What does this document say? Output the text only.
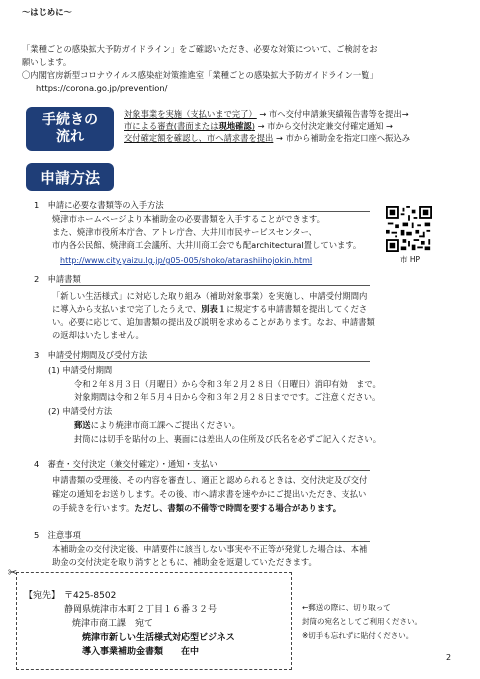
～はじめに～
「業種ごとの感染拡大予防ガイドライン」をご確認いただき、必要な対策について、ご検討をお
願いします。
〇内閣官房新型コロナウイルス感染症対策推進室「業種ごとの感染拡大予防ガイドライン一覧」
https://corona.go.jp/prevention/
手続きの
流れ
対象事業を実施（支払いまで完了） → 市へ交付申請兼実績報告書等を提出→
市による審査(書面または現地確認) → 市から交付決定兼交付確定通知 →
交付確定額を確認し、市へ請求書を提出 → 市から補助金を指定口座へ振込み
申請方法
1　申請に必要な書類等の入手方法
焼津市ホームページより本補助金の必要書類を入手することができます。
また、焼津市役所本庁舎、アトレ庁舎、大井川市民サービスセンター、
市内各公民館、焼津商工会議所、大井川商工会でも配architectural置しています。
http://www.city.yaizu.lg.jp/g05-005/shoko/atarashiihojokin.html	市 HP
2　申請書類
「新しい生活様式」に対応した取り組み（補助対象事業）を実施し、申請受付期間内
に導入から支払いまで完了したうえで、別表１に規定する申請書類を提出してくださ
い。必要に応じて、追加書類の提出及び説明を求めることがあります。なお、申請書類
の返却はいたしません。
3　申請受付期間及び受付方法
(1) 申請受付期間
令和２年８月３日（月曜日）から令和３年２月２８日（日曜日）消印有効　まで。
対象期間は令和２年５月４日から令和３年２月２８日までです。ご注意ください。
(2) 申請受付方法
郵送により焼津市商工課へご提出ください。
封筒には切手を貼付の上、裏面には差出人の住所及び氏名を必ずご記入ください。
4　審査・交付決定（兼交付確定）・通知・支払い
申請書類の受理後、その内容を審査し、適正と認められるときは、交付決定及び交付
確定の通知をお送りします。その後、市へ請求書を速やかにご提出いただき、支払い
の手続きを行います。ただし、書類の不備等で時間を要する場合があります。
5　注意事項
本補助金の交付決定後、申請要件に該当しない事実や不正等が発覚した場合は、本補
助金の交付決定を取り消すとともに、補助金を返還していただきます。
✂
【宛先】 〒425-8502
静岡県焼津市本町２丁目１６番３２号
焼津市商工課　宛て
焼津市新しい生活様式対応型ビジネス
導入事業補助金書類　　在中
←郵送の際に、切り取って
封筒の宛名としてご利用ください。
※切手も忘れずに貼付ください。
2
